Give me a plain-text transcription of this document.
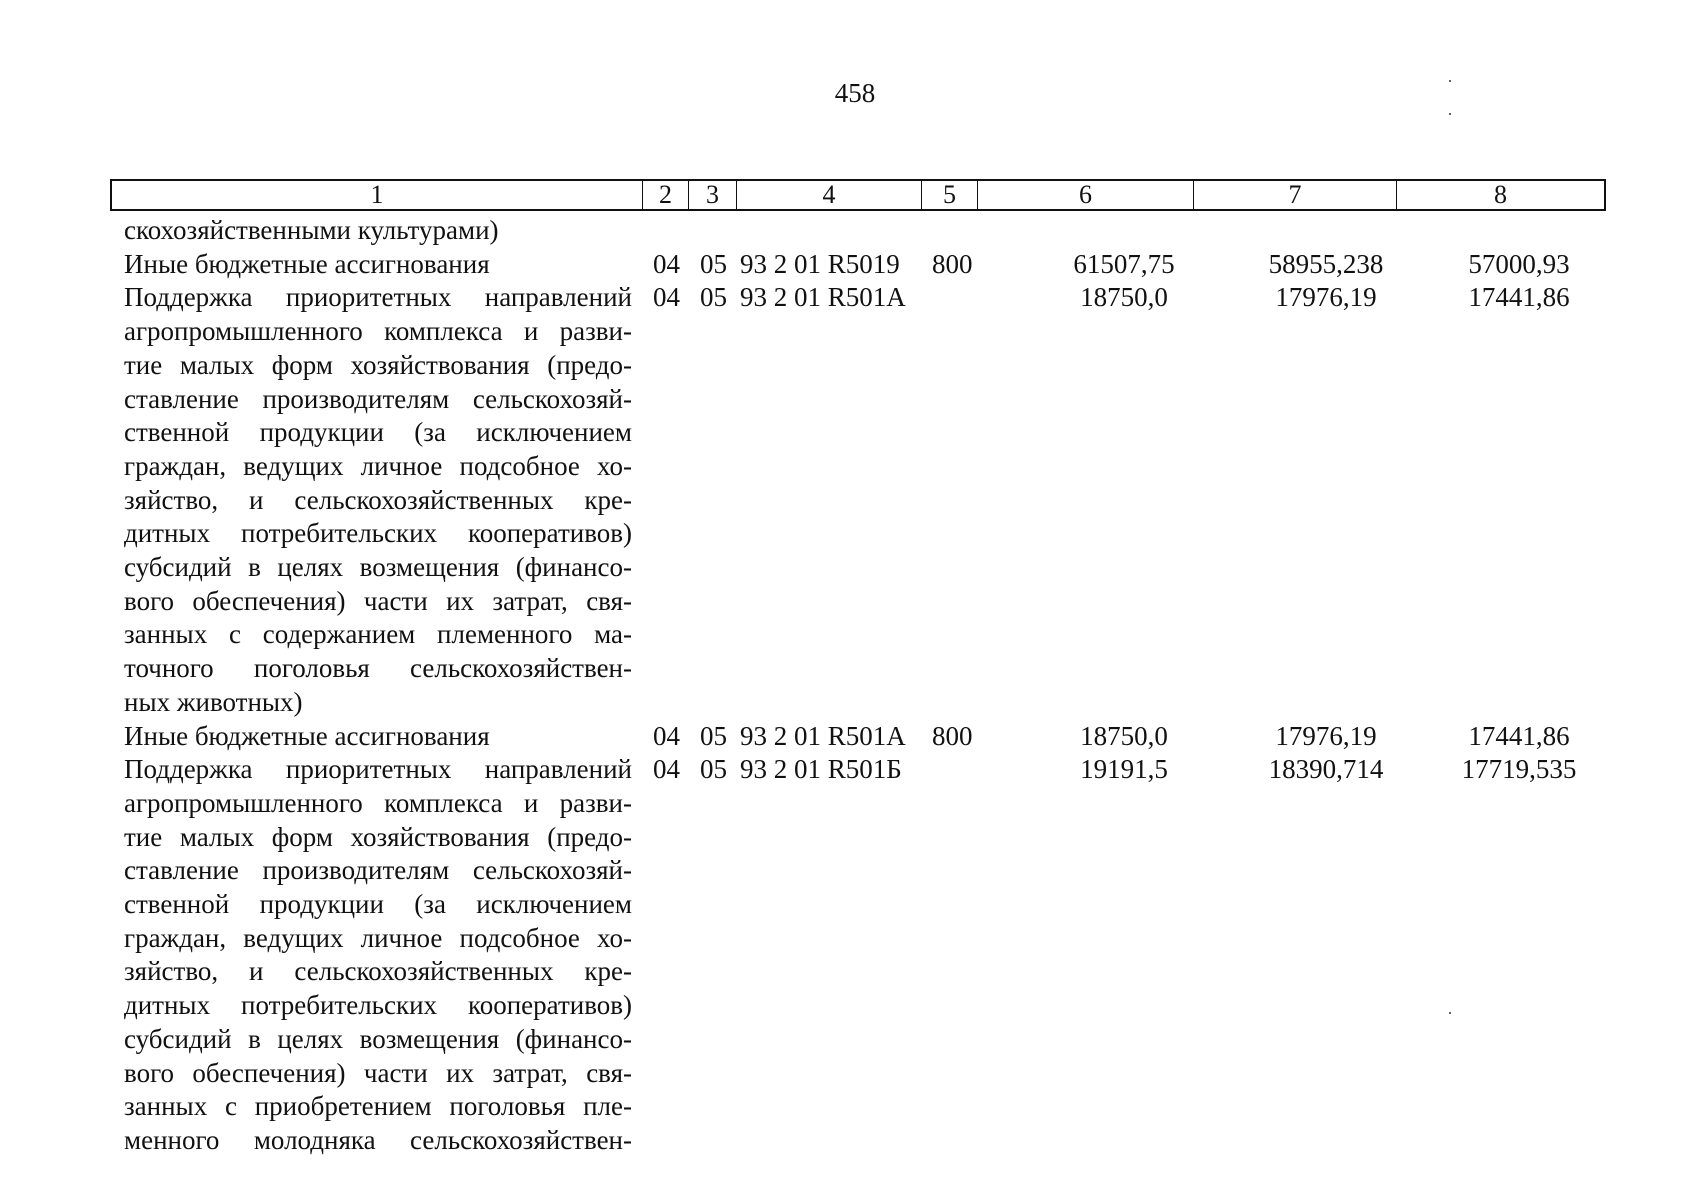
458
1	2	3	4	5	6	7	8
скохозяйственными культурами)
Иные бюджетные ассигнования	04 05 93 2 01 R5019 800	61507,75	58955,238	57000,93
Поддержка приоритетных направлений
агропромышленного комплекса и разви-
тие малых форм хозяйствования (предо-
ставление производителям сельскохозяй-
ственной продукции (за исключением
граждан, ведущих личное подсобное хо-
зяйство, и сельскохозяйственных кре-
дитных потребительских кооперативов)
субсидий в целях возмещения (финансо-
вого обеспечения) части их затрат, свя-
занных с содержанием племенного ма-
точного поголовья сельскохозяйствен-
ных животных)
04 05 93 2 01 R501А	18750,0	17976,19	17441,86
Иные бюджетные ассигнования	04 05 93 2 01 R501А 800	18750,0	17976,19	17441,86
Поддержка приоритетных направлений
агропромышленного комплекса и разви-
тие малых форм хозяйствования (предо-
ставление производителям сельскохозяй-
ственной продукции (за исключением
граждан, ведущих личное подсобное хо-
зяйство, и сельскохозяйственных кре-
дитных потребительских кооперативов)
субсидий в целях возмещения (финансо-
вого обеспечения) части их затрат, свя-
занных с приобретением поголовья пле-
менного молодняка сельскохозяйствен-
04 05 93 2 01 R501Б	19191,5	18390,714	17719,535
